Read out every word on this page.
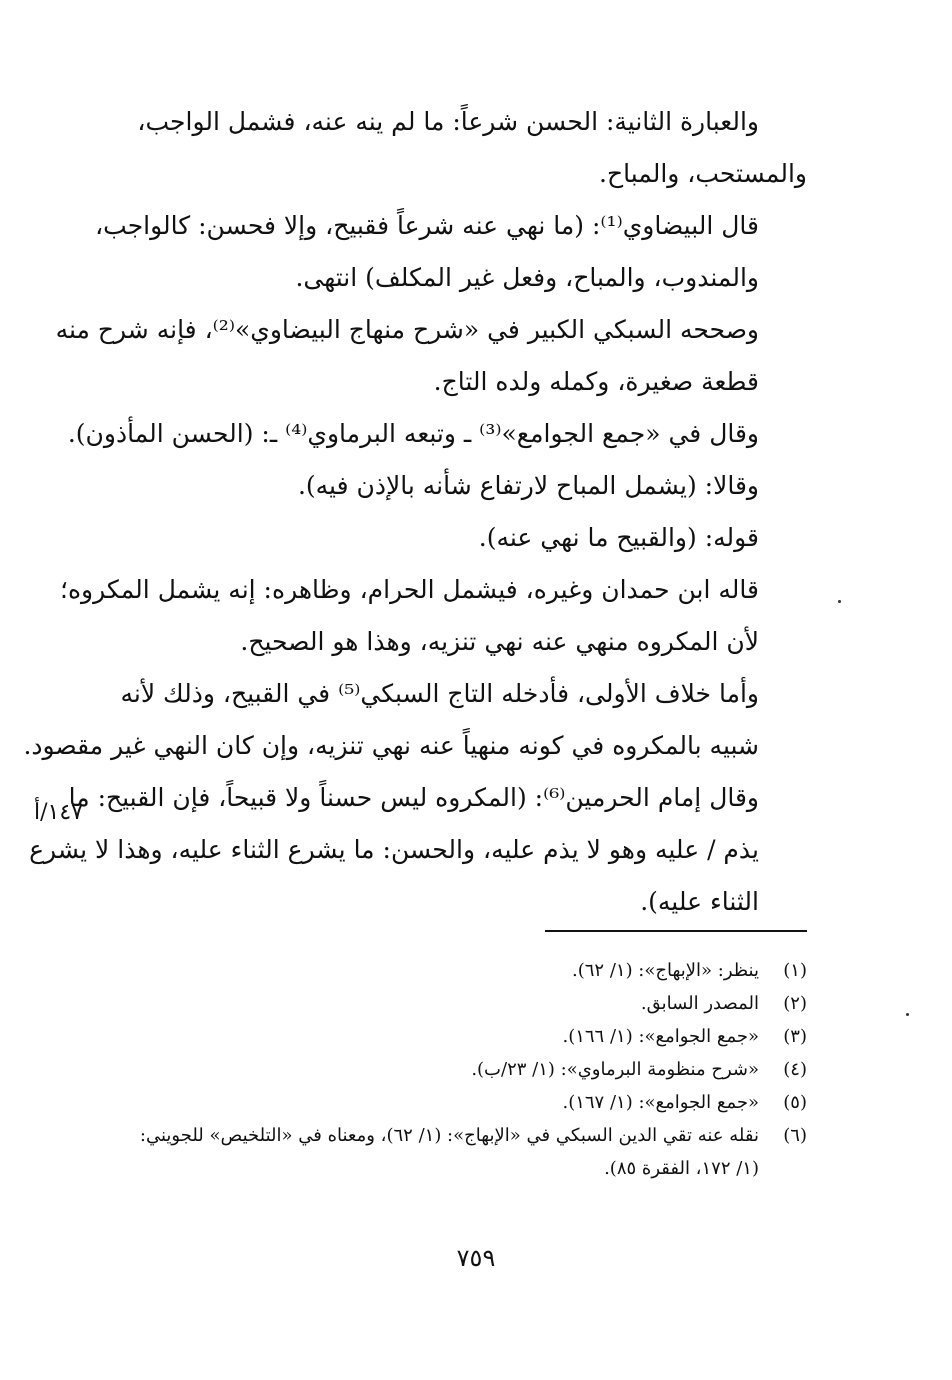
والعبارة الثانية: الحسن شرعاً: ما لم ينه عنه، فشمل الواجب،
والمستحب، والمباح.

قال البيضاوي⁽¹⁾: (ما نهي عنه شرعاً فقبيح، وإلا فحسن: كالواجب،
والمندوب، والمباح، وفعل غير المكلف) انتهى.

وصححه السبكي الكبير في «شرح منهاج البيضاوي»⁽²⁾، فإنه شرح منه
قطعة صغيرة، وكمله ولده التاج.

وقال في «جمع الجوامع»⁽³⁾ ـ وتبعه البرماوي⁽⁴⁾ ـ: (الحسن المأذون).

وقالا: (يشمل المباح لارتفاع شأنه بالإذن فيه).

قوله: (والقبيح ما نهي عنه).

قاله ابن حمدان وغيره، فيشمل الحرام، وظاهره: إنه يشمل المكروه؛
لأن المكروه منهي عنه نهي تنزيه، وهذا هو الصحيح.

وأما خلاف الأولى، فأدخله التاج السبكي⁽⁵⁾ في القبيح، وذلك لأنه
شبيه بالمكروه في كونه منهياً عنه نهي تنزيه، وإن كان النهي غير مقصود.

وقال إمام الحرمين⁽⁶⁾: (المكروه ليس حسناً ولا قبيحاً، فإن القبيح: ما
يذم / عليه وهو لا يذم عليه، والحسن: ما يشرع الثناء عليه، وهذا لا يشرع
الثناء عليه).

١٤٧/أ
(١)
ينظر: «الإبهاج»: (١/ ٦٢).
(٢)
المصدر السابق.
(٣)
«جمع الجوامع»: (١/ ١٦٦).
(٤)
«شرح منظومة البرماوي»: (١/ ٢٣/ب).
(٥)
«جمع الجوامع»: (١/ ١٦٧).
(٦)
نقله عنه تقي الدين السبكي في «الإبهاج»: (١/ ٦٢)، ومعناه في «التلخيص» للجويني:
(١/ ١٧٢، الفقرة ٨٥).
٧٥٩
